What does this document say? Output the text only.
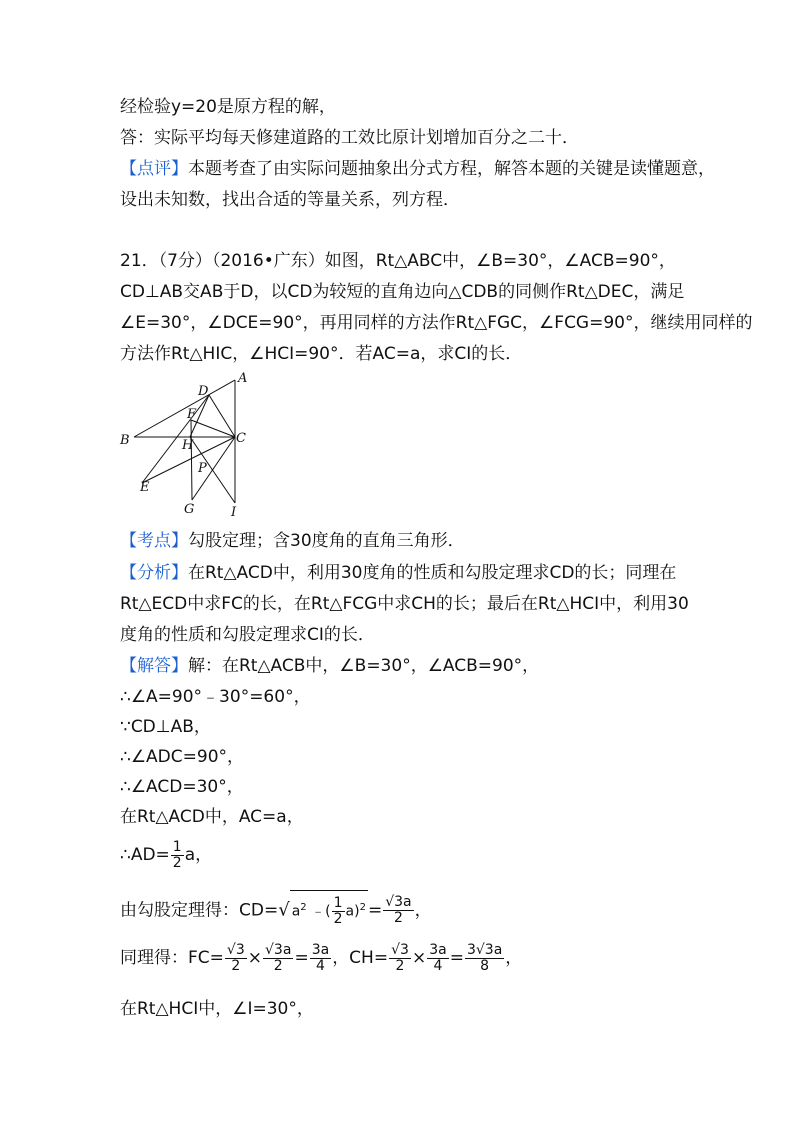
经检验y=20是原方程的解，
答：实际平均每天修建道路的工效比原计划增加百分之二十．
【点评】本题考查了由实际问题抽象出分式方程，解答本题的关键是读懂题意，
设出未知数，找出合适的等量关系，列方程．
21．（7分）（2016•广东）如图，Rt△ABC中，∠B=30°，∠ACB=90°，
CD⊥AB交AB于D，以CD为较短的直角边向△CDB的同侧作Rt△DEC，满足
∠E=30°，∠DCE=90°，再用同样的方法作Rt△FGC，∠FCG=90°，继续用同样的
方法作Rt△HIC，∠HCI=90°．若AC=a，求CI的长．
A
B	C
D
E
F
G
H
I
P
【考点】勾股定理；含30度角的直角三角形．
【分析】在Rt△ACD中，利用30度角的性质和勾股定理求CD的长；同理在
Rt△ECD中求FC的长，在Rt△FCG中求CH的长；最后在Rt△HCI中，利用30
度角的性质和勾股定理求CI的长．
【解答】解：在Rt△ACB中，∠B=30°，∠ACB=90°，
∴∠A=90°﹣30°=60°，
∵CD⊥AB，
∴∠ADC=90°，
∴∠ACD=30°，
在Rt△ACD中，AC=a，
∴AD= $\frac{1}{2}$ a，
由勾股定理得：CD=√ $a^2$ ﹣( $\frac{1}{2} a)^2 = \frac{√3a}{2}$ ，
同理得：$FC= \frac{√3}{2} \times \frac{√3a}{2} = \frac{3a}{4}$ ，$CH= \frac{√3}{2} \times \frac{3a}{4} = \frac{3√3a}{8}$ ，
在Rt△HCI中，∠I=30°，
